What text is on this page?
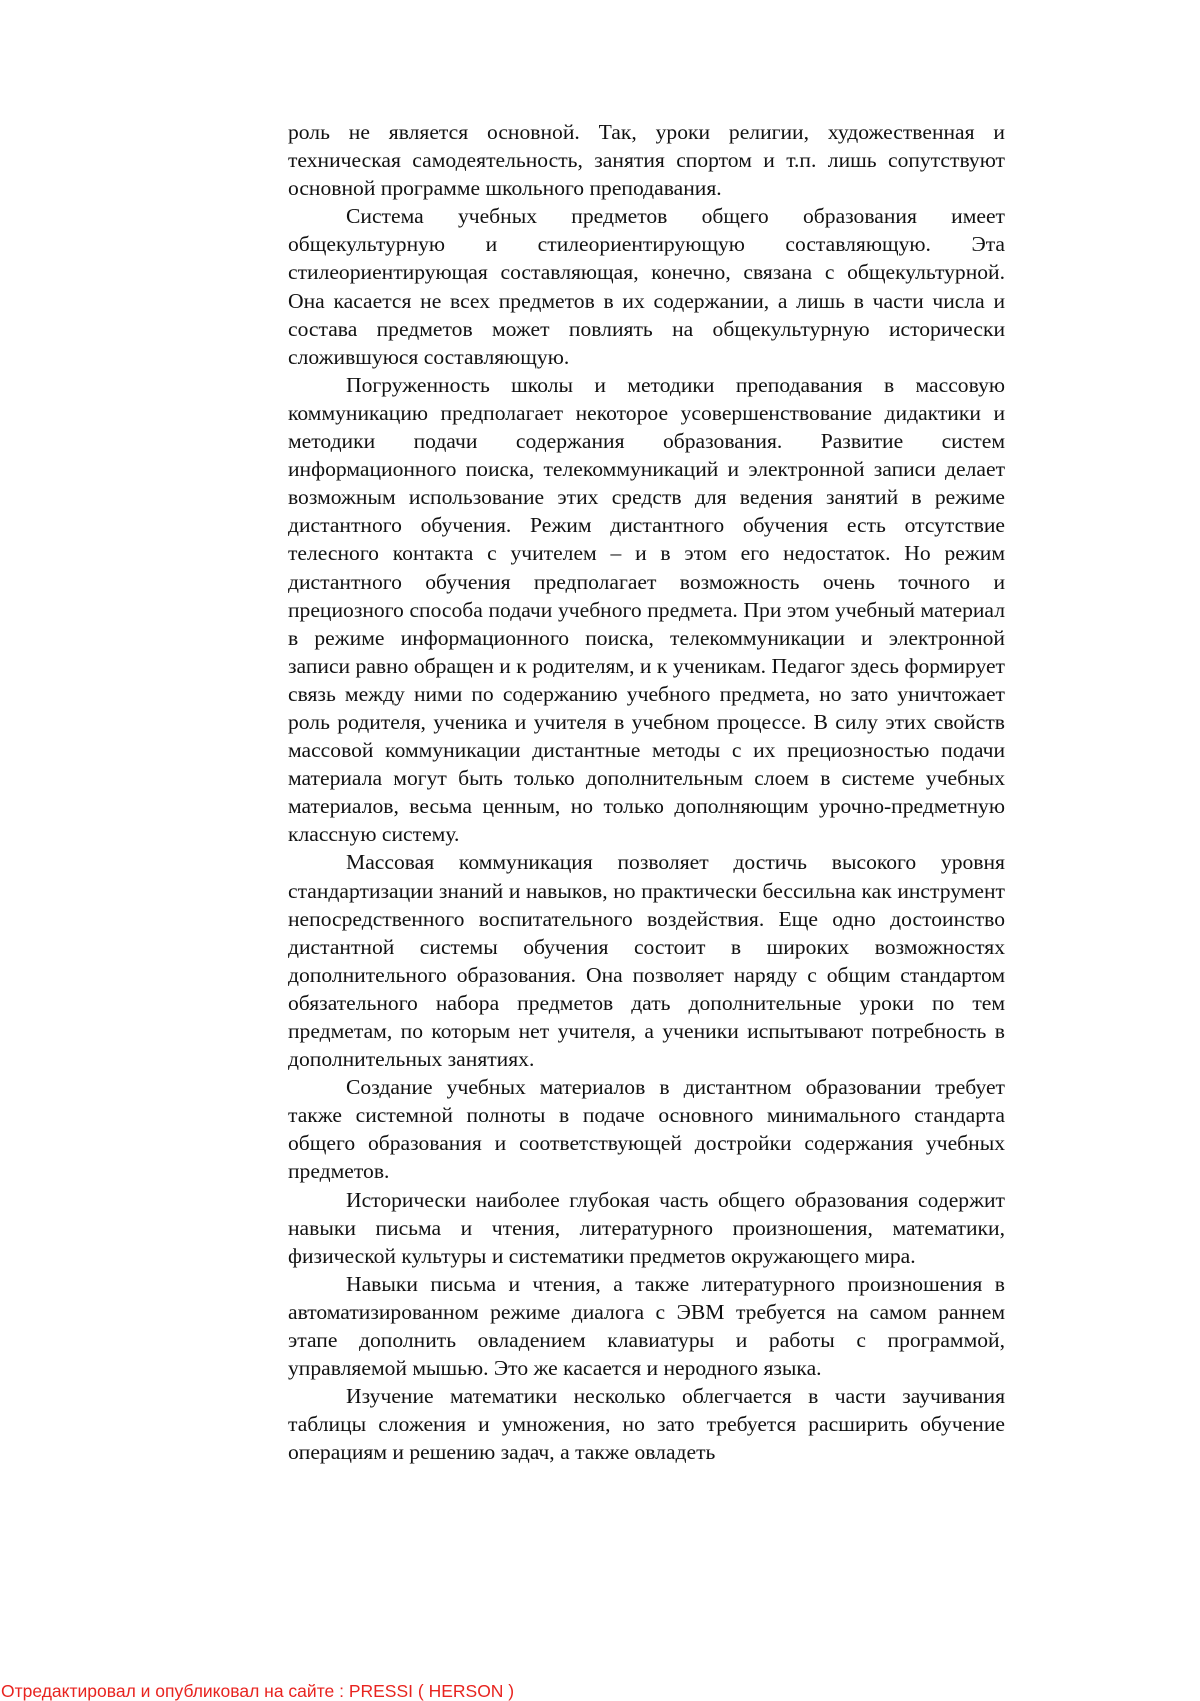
роль не является основной. Так, уроки религии, художественная и техническая самодеятельность, занятия спортом и т.п. лишь сопутствуют основной программе школьного преподавания.

Система учебных предметов общего образования имеет общекультурную и стилеориентирующую составляющую. Эта стилеориентирующая составляющая, конечно, связана с общекультурной. Она касается не всех предметов в их содержании, а лишь в части числа и состава предметов может повлиять на общекультурную исторически сложившуюся составляющую.

Погруженность школы и методики преподавания в массовую коммуникацию предполагает некоторое усовершенствование дидактики и методики подачи содержания образования. Развитие систем информационного поиска, телекоммуникаций и электронной записи делает возможным использование этих средств для ведения занятий в режиме дистантного обучения. Режим дистантного обучения есть отсутствие телесного контакта с учителем – и в этом его недостаток. Но режим дистантного обучения предполагает возможность очень точного и прециозного способа подачи учебного предмета. При этом учебный материал в режиме информационного поиска, телекоммуникации и электронной записи равно обращен и к родителям, и к ученикам. Педагог здесь формирует связь между ними по содержанию учебного предмета, но зато уничтожает роль родителя, ученика и учителя в учебном процессе. В силу этих свойств массовой коммуникации дистантные методы с их прециозностью подачи материала могут быть только дополнительным слоем в системе учебных материалов, весьма ценным, но только дополняющим урочно-предметную классную систему.

Массовая коммуникация позволяет достичь высокого уровня стандартизации знаний и навыков, но практически бессильна как инструмент непосредственного воспитательного воздействия. Еще одно достоинство дистантной системы обучения состоит в широких возможностях дополнительного образования. Она позволяет наряду с общим стандартом обязательного набора предметов дать дополнительные уроки по тем предметам, по которым нет учителя, а ученики испытывают потребность в дополнительных занятиях.

Создание учебных материалов в дистантном образовании требует также системной полноты в подаче основного минимального стандарта общего образования и соответствующей достройки содержания учебных предметов.

Исторически наиболее глубокая часть общего образования содержит навыки письма и чтения, литературного произношения, математики, физической культуры и систематики предметов окружающего мира.

Навыки письма и чтения, а также литературного произношения в автоматизированном режиме диалога с ЭВМ требуется на самом раннем этапе дополнить овладением клавиатуры и работы с программой, управляемой мышью. Это же касается и неродного языка.

Изучение математики несколько облегчается в части заучивания таблицы сложения и умножения, но зато требуется расширить обучение операциям и решению задач, а также овладеть

Отредактировал и опубликовал на сайте : PRESSI ( HERSON )
